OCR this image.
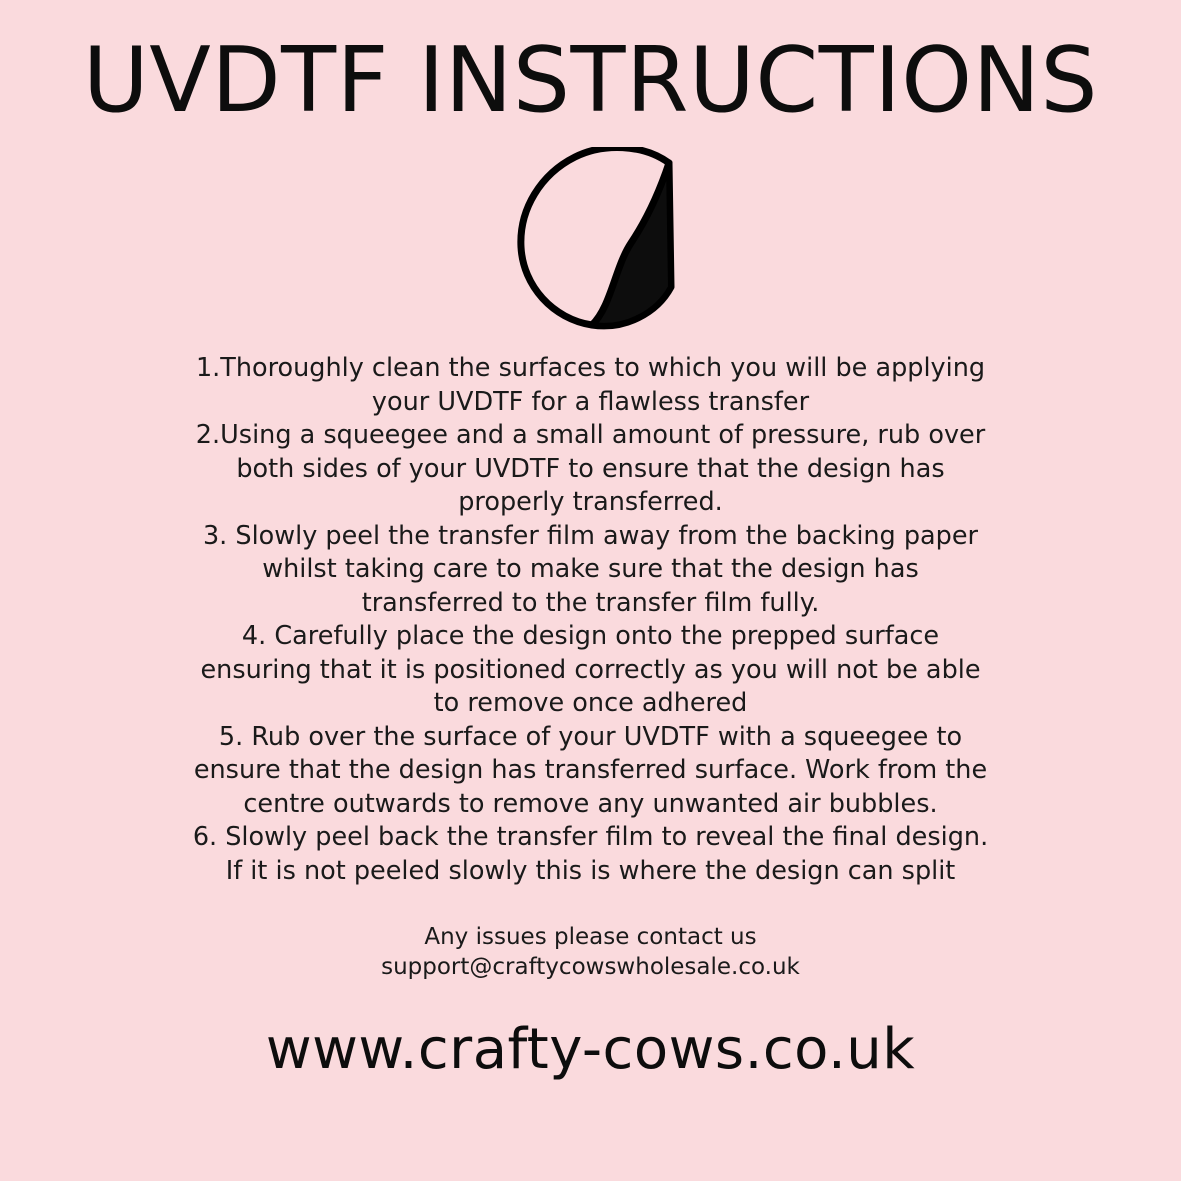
UVDTF INSTRUCTIONS

1.Thoroughly clean the surfaces to which you will be applying your UVDTF for a flawless transfer

2.Using a squeegee and a small amount of pressure, rub over both sides of your UVDTF to ensure that the design has properly transferred.

3. Slowly peel the transfer film away from the backing paper whilst taking care to make sure that the design has transferred to the transfer film fully.

4. Carefully place the design onto the prepped surface ensuring that it is positioned correctly as you will not be able to remove once adhered

5. Rub over the surface of your UVDTF with a squeegee to ensure that the design has transferred surface. Work from the centre outwards to remove any unwanted air bubbles.

6. Slowly peel back the transfer film to reveal the final design. If it is not peeled slowly this is where the design can split

Any issues please contact us

support@craftycowswholesale.co.uk

www.crafty-cows.co.uk
